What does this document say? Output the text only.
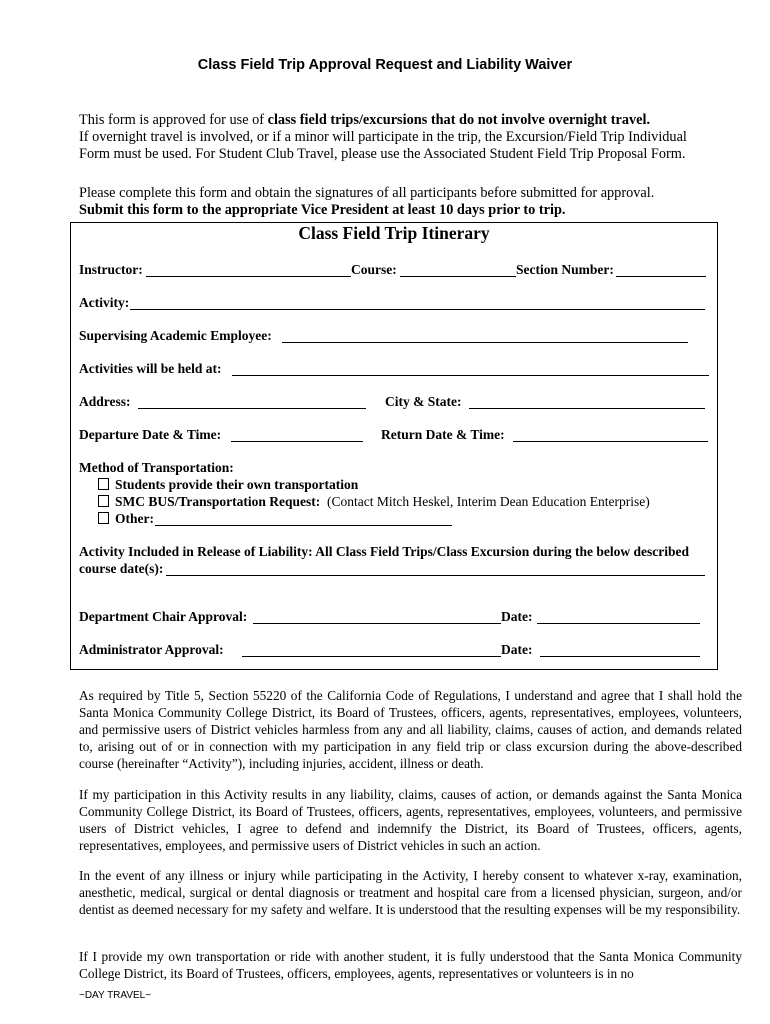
Class Field Trip Approval Request and Liability Waiver

This form is approved for use of class field trips/excursions that do not involve overnight travel.

If overnight travel is involved, or if a minor will participate in the trip, the Excursion/Field Trip Individual

Form must be used. For Student Club Travel, please use the Associated Student Field Trip Proposal Form.

Please complete this form and obtain the signatures of all participants before submitted for approval.

Submit this form to the appropriate Vice President at least 10 days prior to trip.

Class Field Trip Itinerary
Instructor:	Course:	Section Number:
Activity:
Supervising Academic Employee:
Activities will be held at:
Address:	City & State:
Departure Date & Time:	Return Date & Time:
Method of Transportation:
Students provide their own transportation
SMC BUS/Transportation Request: (Contact Mitch Heskel, Interim Dean Education Enterprise)
Other:
Activity Included in Release of Liability: All Class Field Trips/Class Excursion during the below described
course date(s):
Department Chair Approval:	Date:
Administrator Approval:	Date:

As required by Title 5, Section 55220 of the California Code of Regulations, I understand and agree that I shall hold the Santa Monica Community College District, its Board of Trustees, officers, agents, representatives, employees, volunteers, and permissive users of District vehicles harmless from any and all liability, claims, causes of action, and demands related to, arising out of or in connection with my participation in any field trip or class excursion during the above-described course (hereinafter “Activity”), including injuries, accident, illness or death.

If my participation in this Activity results in any liability, claims, causes of action, or demands against the Santa Monica Community College District, its Board of Trustees, officers, agents, representatives, employees, volunteers, and permissive users of District vehicles, I agree to defend and indemnify the District, its Board of Trustees, officers, agents, representatives, employees, and permissive users of District vehicles in such an action.

In the event of any illness or injury while participating in the Activity, I hereby consent to whatever x-ray, examination, anesthetic, medical, surgical or dental diagnosis or treatment and hospital care from a licensed physician, surgeon, and/or dentist as deemed necessary for my safety and welfare. It is understood that the resulting expenses will be my responsibility.

If I provide my own transportation or ride with another student, it is fully understood that the Santa Monica Community College District, its Board of Trustees, officers, employees, agents, representatives or volunteers is in no

~DAY TRAVEL~
